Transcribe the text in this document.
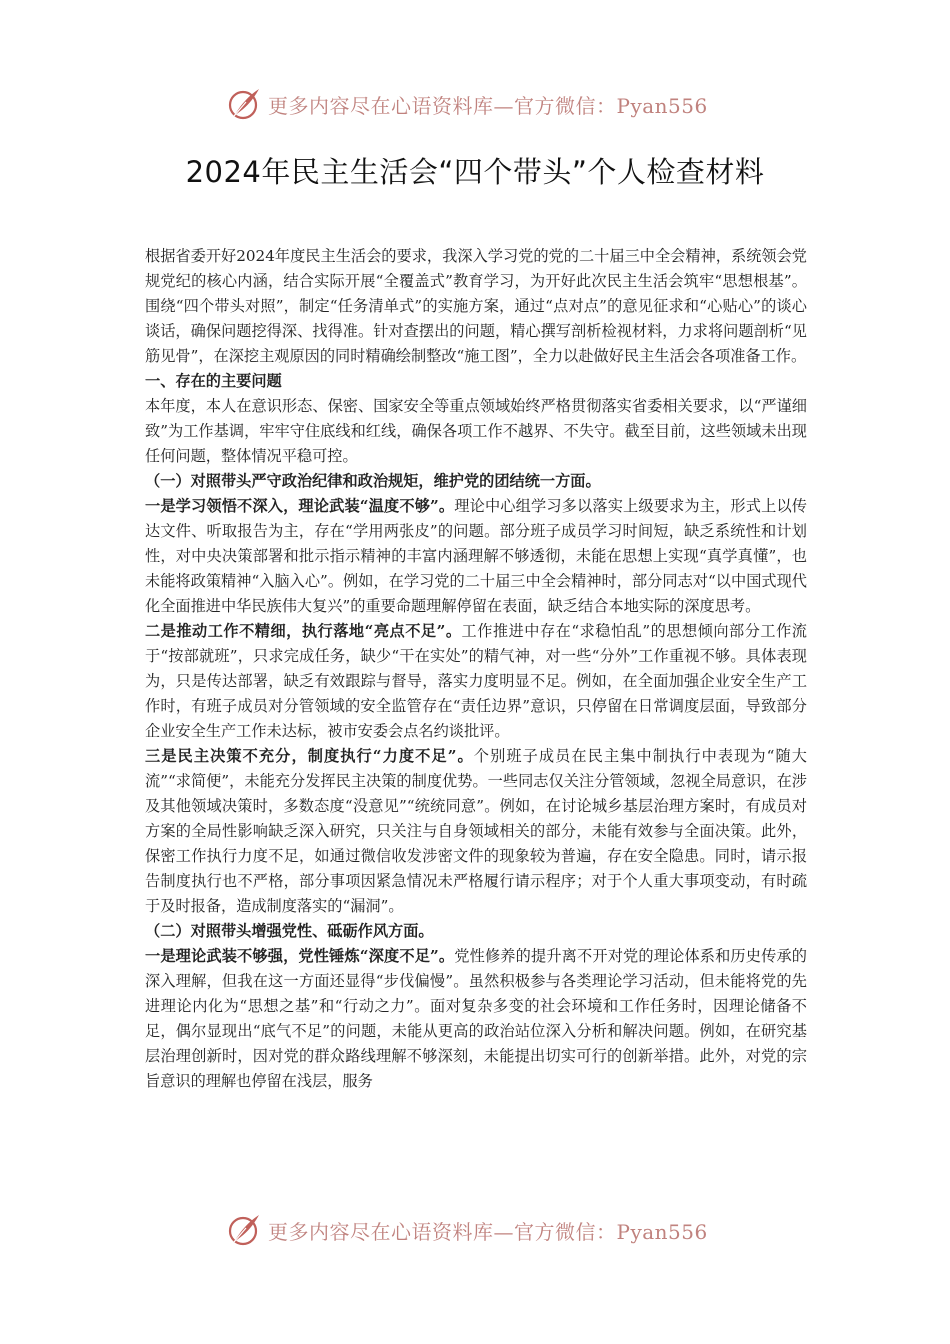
更多内容尽在心语资料库—官方微信：Pyan556
2024年民主生活会“四个带头”个人检查材料

根据省委开好2024年度民主生活会的要求，我深入学习党的党的二十届三中全会精神，系统领会党规党纪的核心内涵，结合实际开展“全覆盖式”教育学习，为开好此次民主生活会筑牢“思想根基”。围绕“四个带头对照”，制定“任务清单式”的实施方案，通过“点对点”的意见征求和“心贴心”的谈心谈话，确保问题挖得深、找得准。针对查摆出的问题，精心撰写剖析检视材料，力求将问题剖析“见筋见骨”，在深挖主观原因的同时精确绘制整改“施工图”，全力以赴做好民主生活会各项准备工作。

一、存在的主要问题

本年度，本人在意识形态、保密、国家安全等重点领域始终严格贯彻落实省委相关要求，以“严谨细致”为工作基调，牢牢守住底线和红线，确保各项工作不越界、不失守。截至目前，这些领域未出现任何问题，整体情况平稳可控。

（一）对照带头严守政治纪律和政治规矩，维护党的团结统一方面。

一是学习领悟不深入，理论武装“温度不够”。理论中心组学习多以落实上级要求为主，形式上以传达文件、听取报告为主，存在“学用两张皮”的问题。部分班子成员学习时间短，缺乏系统性和计划性，对中央决策部署和批示指示精神的丰富内涵理解不够透彻，未能在思想上实现“真学真懂”，也未能将政策精神“入脑入心”。例如，在学习党的二十届三中全会精神时，部分同志对“以中国式现代化全面推进中华民族伟大复兴”的重要命题理解停留在表面，缺乏结合本地实际的深度思考。

二是推动工作不精细，执行落地“亮点不足”。工作推进中存在“求稳怕乱”的思想倾向部分工作流于“按部就班”，只求完成任务，缺少“干在实处”的精气神，对一些“分外”工作重视不够。具体表现为，只是传达部署，缺乏有效跟踪与督导，落实力度明显不足。例如，在全面加强企业安全生产工作时，有班子成员对分管领域的安全监管存在“责任边界”意识，只停留在日常调度层面，导致部分企业安全生产工作未达标，被市安委会点名约谈批评。

三是民主决策不充分，制度执行“力度不足”。个别班子成员在民主集中制执行中表现为“随大流”“求简便”，未能充分发挥民主决策的制度优势。一些同志仅关注分管领域，忽视全局意识，在涉及其他领域决策时，多数态度“没意见”“统统同意”。例如，在讨论城乡基层治理方案时，有成员对方案的全局性影响缺乏深入研究，只关注与自身领域相关的部分，未能有效参与全面决策。此外，保密工作执行力度不足，如通过微信收发涉密文件的现象较为普遍，存在安全隐患。同时，请示报告制度执行也不严格，部分事项因紧急情况未严格履行请示程序；对于个人重大事项变动，有时疏于及时报备，造成制度落实的“漏洞”。

（二）对照带头增强党性、砥砺作风方面。

一是理论武装不够强，党性锤炼“深度不足”。党性修养的提升离不开对党的理论体系和历史传承的深入理解，但我在这一方面还显得“步伐偏慢”。虽然积极参与各类理论学习活动，但未能将党的先进理论内化为“思想之基”和“行动之力”。面对复杂多变的社会环境和工作任务时，因理论储备不足，偶尔显现出“底气不足”的问题，未能从更高的政治站位深入分析和解决问题。例如，在研究基层治理创新时，因对党的群众路线理解不够深刻，未能提出切实可行的创新举措。此外，对党的宗旨意识的理解也停留在浅层，服务

更多内容尽在心语资料库—官方微信：Pyan556
